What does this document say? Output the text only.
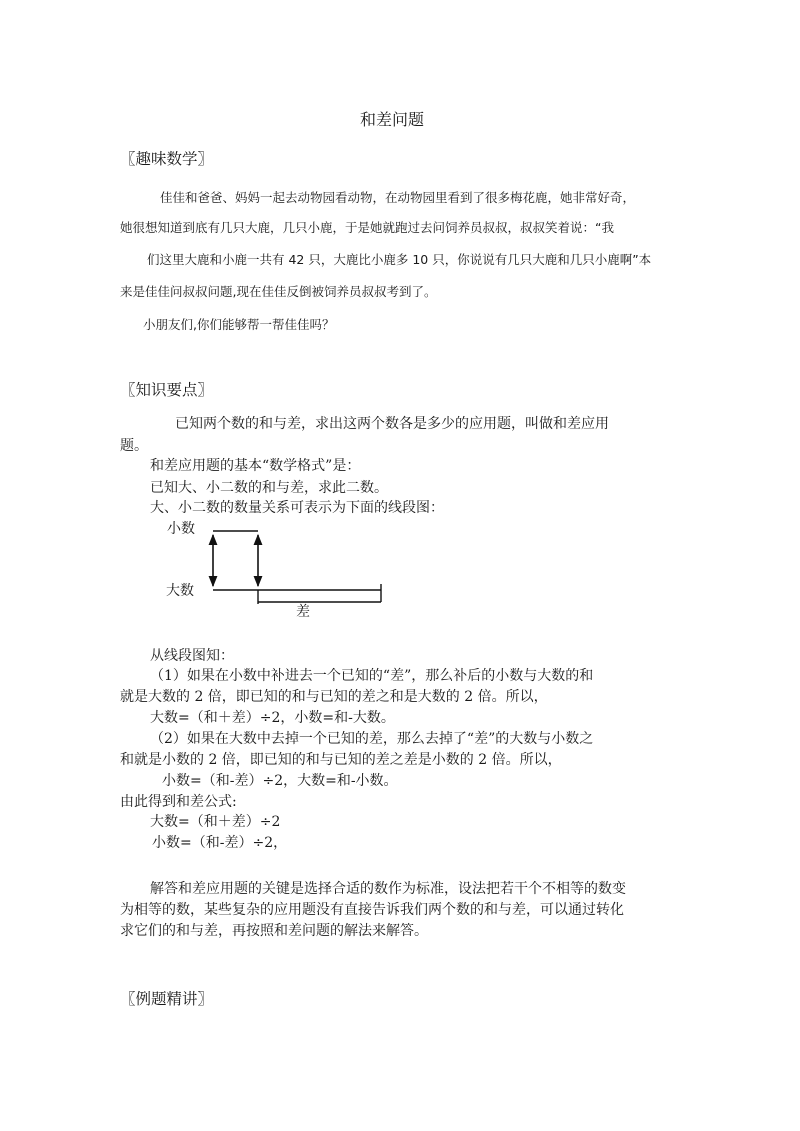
和差问题

〖趣味数学〗

佳佳和爸爸、妈妈一起去动物园看动物，在动物园里看到了很多梅花鹿，她非常好奇，

她很想知道到底有几只大鹿，几只小鹿，于是她就跑过去问饲养员叔叔，叔叔笑着说：“我

们这里大鹿和小鹿一共有 42 只，大鹿比小鹿多 10 只，你说说有几只大鹿和几只小鹿啊”本

来是佳佳问叔叔问题,现在佳佳反倒被饲养员叔叔考到了。

小朋友们,你们能够帮一帮佳佳吗？

〖知识要点〗

已知两个数的和与差，求出这两个数各是多少的应用题，叫做和差应用

题。

和差应用题的基本“数学格式”是：

已知大、小二数的和与差，求此二数。

大、小二数的数量关系可表示为下面的线段图：

小数

大数

差

从线段图知：

（1）如果在小数中补进去一个已知的“差”，那么补后的小数与大数的和

就是大数的 2 倍，即已知的和与已知的差之和是大数的 2 倍。所以，

大数=（和＋差）÷2，小数=和-大数。

（2）如果在大数中去掉一个已知的差，那么去掉了“差”的大数与小数之

和就是小数的 2 倍，即已知的和与已知的差之差是小数的 2 倍。所以，

小数=（和-差）÷2，大数=和-小数。

由此得到和差公式:

大数=（和＋差）÷2

小数=（和-差）÷2，

解答和差应用题的关键是选择合适的数作为标准，设法把若干个不相等的数变

为相等的数，某些复杂的应用题没有直接告诉我们两个数的和与差，可以通过转化

求它们的和与差，再按照和差问题的解法来解答。

〖例题精讲〗
